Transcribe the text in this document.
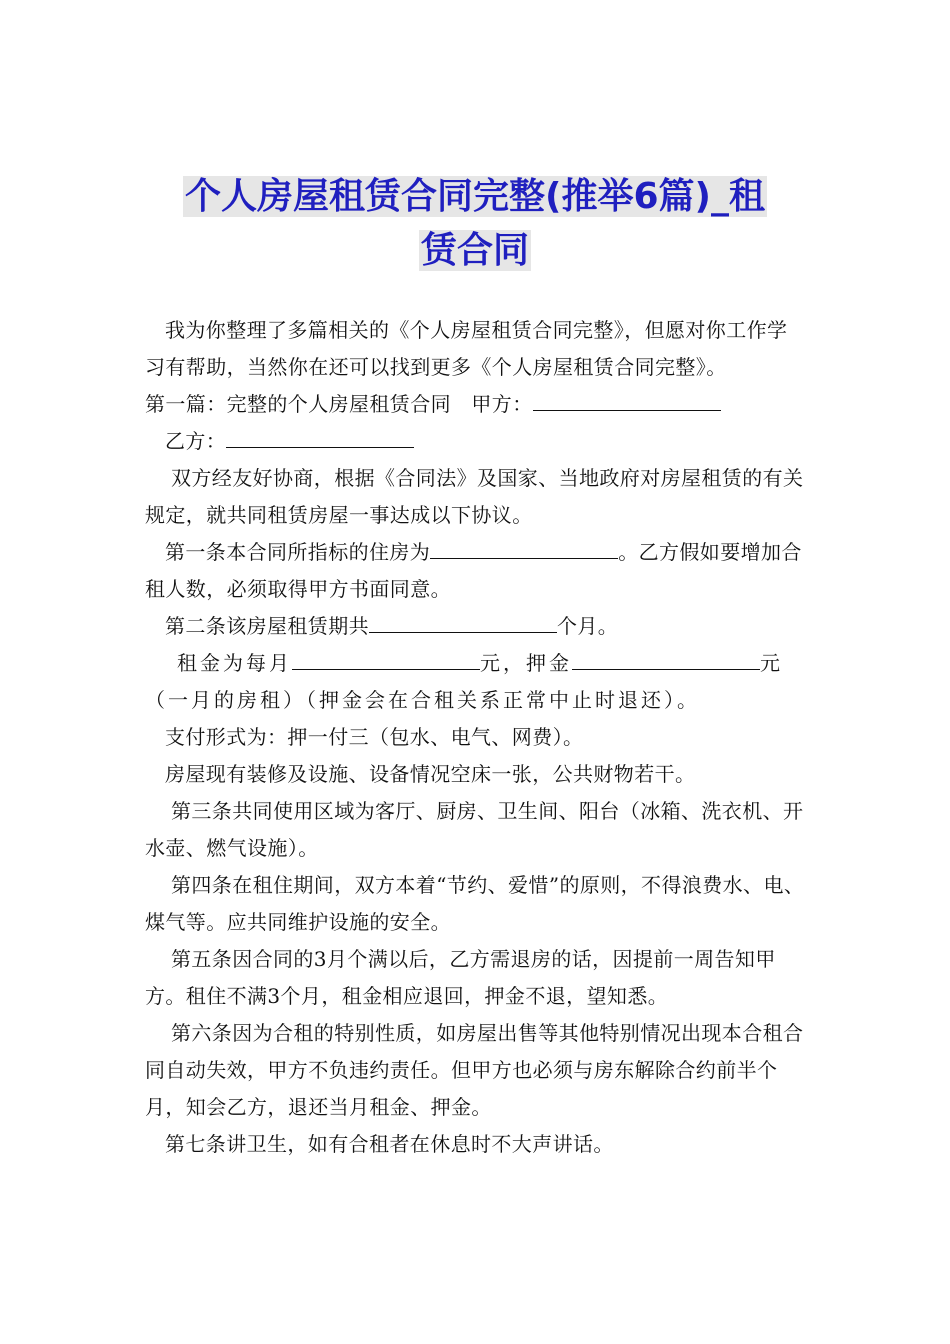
个人房屋租赁合同完整(推举6篇)_租
赁合同

我为你整理了多篇相关的《个人房屋租赁合同完整》，但愿对你工作学习有帮助，当然你在还可以找到更多《个人房屋租赁合同完整》。

第一篇：完整的个人房屋租赁合同　甲方：

乙方：

双方经友好协商，根据《合同法》及国家、当地政府对房屋租赁的有关规定，就共同租赁房屋一事达成以下协议。

第一条本合同所指标的住房为	。乙方假如要增加合租人数，必须取得甲方书面同意。

第二条该房屋租赁期共	个月。

租金为每月	元，押金	元（一月的房租）（押金会在合租关系正常中止时退还）。

支付形式为：押一付三（包水、电气、网费）。

房屋现有装修及设施、设备情况空床一张，公共财物若干。

第三条共同使用区域为客厅、厨房、卫生间、阳台（冰箱、洗衣机、开水壶、燃气设施）。

第四条在租住期间，双方本着“节约、爱惜”的原则，不得浪费水、电、煤气等。应共同维护设施的安全。

第五条因合同的3月个满以后，乙方需退房的话，因提前一周告知甲方。租住不满3个月，租金相应退回，押金不退，望知悉。

第六条因为合租的特别性质，如房屋出售等其他特别情况出现本合租合同自动失效，甲方不负违约责任。但甲方也必须与房东解除合约前半个月，知会乙方，退还当月租金、押金。

第七条讲卫生，如有合租者在休息时不大声讲话。
